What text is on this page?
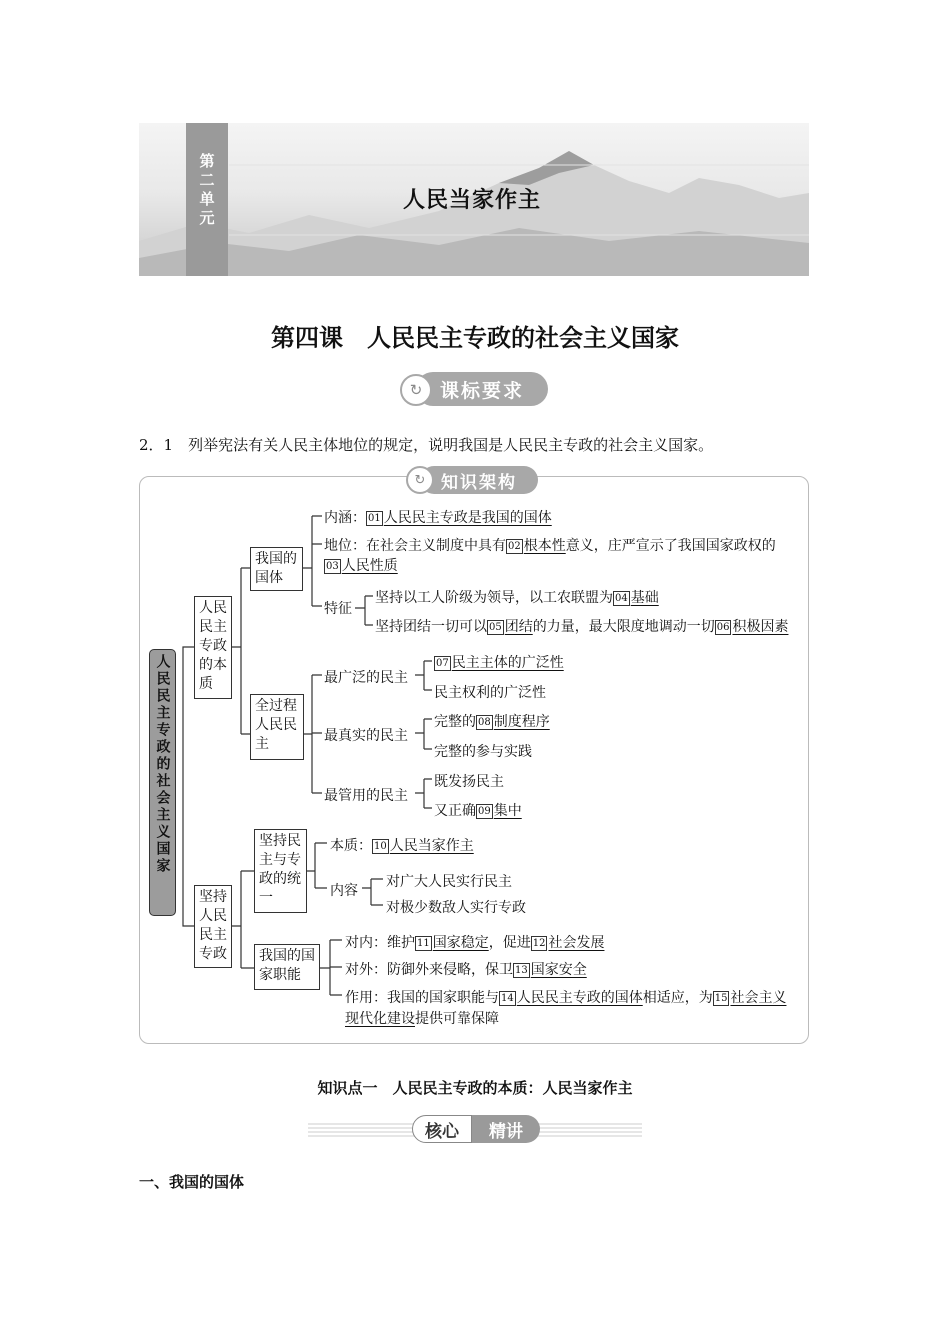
第二单元	人民当家作主
第四课　人民民主专政的社会主义国家
课标要求
↻
2．1　列举宪法有关人民主体地位的规定，说明我国是人民民主专政的社会主义国家。
知识架构
↻
人民民主专政的社会主义国家
人民民主专政的本质
坚持人民民主专政
我国的国体
全过程人民民主
坚持民主与专政的统一
我国的国家职能
内涵： 01 人民民主专政是我国的国体
地位：在社会主义制度中具有 02 根本性意义，庄严宣示了我国国家政权的
03 人民性质
特征
坚持以工人阶级为领导，以工农联盟为 04 基础
坚持团结一切可以 05 团结的力量，最大限度地调动一切 06 积极因素
最广泛的民主
07 民主主体的广泛性
民主权利的广泛性
最真实的民主
完整的 08 制度程序
完整的参与实践
最管用的民主
既发扬民主
又正确 09 集中
本质： 10 人民当家作主
内容
对广大人民实行民主
对极少数敌人实行专政
对内：维护 11 国家稳定，促进 12 社会发展
对外：防御外来侵略，保卫 13 国家安全
作用：我国的国家职能与 14 人民民主专政的国体相适应，为 15 社会主义
现代化建设提供可靠保障
知识点一　人民民主专政的本质：人民当家作主
核心	精讲
一、我国的国体
